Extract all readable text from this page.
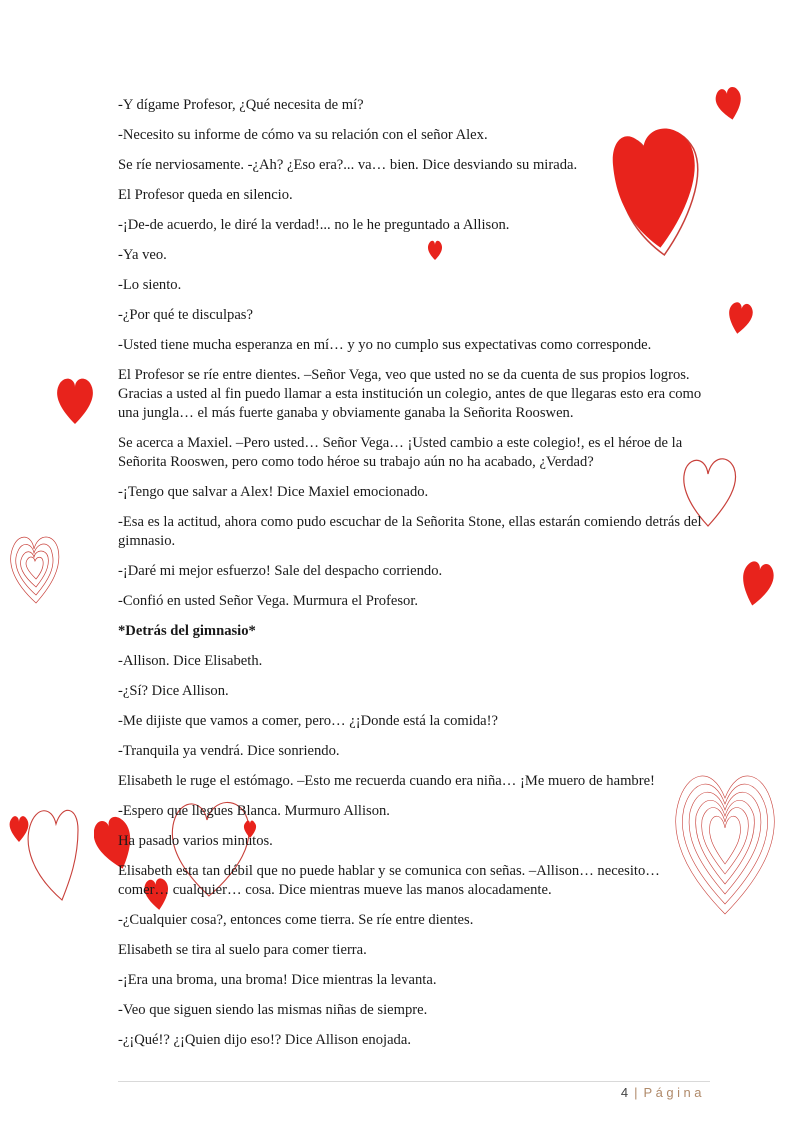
-Y dígame Profesor, ¿Qué necesita de mí?

-Necesito su informe de cómo va su relación con el señor Alex.

Se ríe nerviosamente. -¿Ah? ¿Eso era?... va… bien. Dice desviando su mirada.

El Profesor queda en silencio.

-¡De-de acuerdo, le diré la verdad!... no le he preguntado a Allison.

-Ya veo.

-Lo siento.

-¿Por qué te disculpas?

-Usted tiene mucha esperanza en mí… y yo no cumplo sus expectativas como corresponde.

El Profesor se ríe entre dientes. –Señor Vega, veo que usted no se da cuenta de sus propios logros. Gracias a usted al fin puedo llamar a esta institución un colegio, antes de que llegaras esto era como una jungla… el más fuerte ganaba y obviamente ganaba la Señorita Rooswen.

Se acerca a Maxiel. –Pero usted… Señor Vega… ¡Usted cambio a este colegio!, es el héroe de la Señorita Rooswen, pero como todo héroe su trabajo aún no ha acabado, ¿Verdad?

-¡Tengo que salvar a Alex! Dice Maxiel emocionado.

-Esa es la actitud, ahora como pudo escuchar de la Señorita Stone, ellas estarán comiendo detrás del gimnasio.

-¡Daré mi mejor esfuerzo! Sale del despacho corriendo.

-Confió en usted Señor Vega. Murmura el Profesor.

*Detrás del gimnasio*

-Allison. Dice Elisabeth.

-¿Sí? Dice Allison.

-Me dijiste que vamos a comer, pero… ¿¡Donde está la comida!?

-Tranquila ya vendrá. Dice sonriendo.

Elisabeth le ruge el estómago. –Esto me recuerda cuando era niña… ¡Me muero de hambre!

-Espero que llegues Blanca. Murmuro Allison.

Ha pasado varios minutos.

Elisabeth esta tan débil que no puede hablar y se comunica con señas. –Allison… necesito… comer… cualquier… cosa. Dice mientras mueve las manos alocadamente.

-¿Cualquier cosa?, entonces come tierra. Se ríe entre dientes.

Elisabeth se tira al suelo para comer tierra.

-¡Era una broma, una broma! Dice mientras la levanta.

-Veo que siguen siendo las mismas niñas de siempre.

-¿¡Qué!? ¿¡Quien dijo eso!? Dice Allison enojada.

4 | Página
